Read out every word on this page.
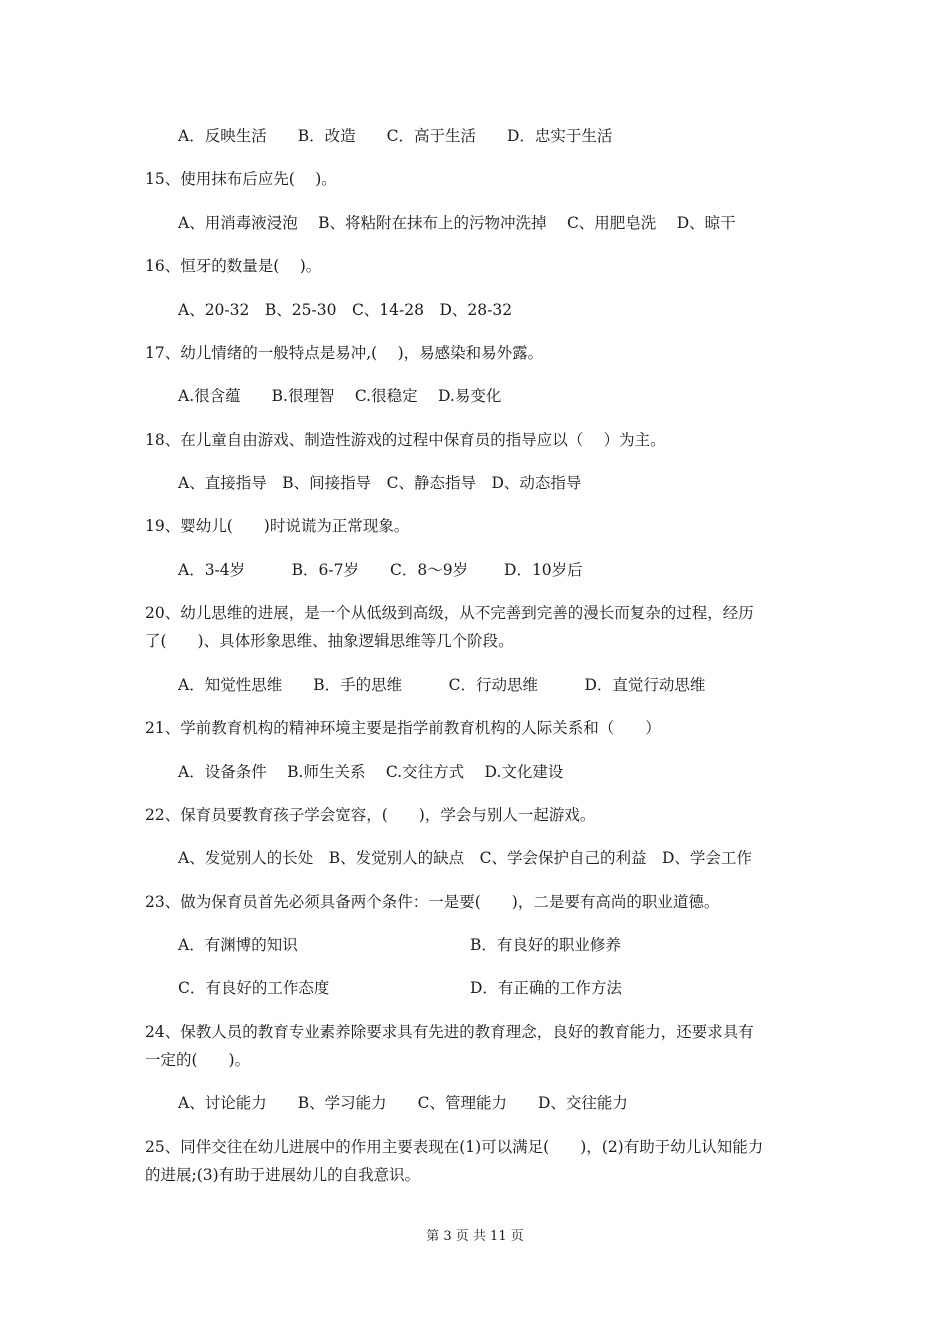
A．反映生活　　B．改造　　C．高于生活　　D．忠实于生活
15、使用抹布后应先(　 )。
A、用消毒液浸泡　 B、将粘附在抹布上的污物冲洗掉　 C、用肥皂洗　 D、晾干
16、恒牙的数量是(　 )。
A、20-32　B、25-30　C、14-28　D、28-32
17、幼儿情绪的一般特点是易冲,(　 )，易感染和易外露。
A.很含蕴　　B.很理智　 C.很稳定　 D.易变化
18、在儿童自由游戏、制造性游戏的过程中保育员的指导应以（　 ）为主。
A、直接指导　B、间接指导　C、静态指导　D、动态指导
19、婴幼儿(　　)时说谎为正常现象。
A．3-4岁　　　B．6-7岁　　C．8～9岁　　 D．10岁后
20、幼儿思维的进展，是一个从低级到高级，从不完善到完善的漫长而复杂的过程，经历
了(　　)、具体形象思维、抽象逻辑思维等几个阶段。
A．知觉性思维　　B．手的思维　　　C．行动思维　　　D．直觉行动思维
21、学前教育机构的精神环境主要是指学前教育机构的人际关系和（　　）
A．设备条件　 B.师生关系　 C.交往方式　 D.文化建设
22、保育员要教育孩子学会宽容，(　　)，学会与别人一起游戏。
A、发觉别人的长处　B、发觉别人的缺点　C、学会保护自己的利益　D、学会工作
23、做为保育员首先必须具备两个条件：一是要(　　)，二是要有高尚的职业道德。
A．有渊博的知识	B．有良好的职业修养
C．有良好的工作态度	D．有正确的工作方法
24、保教人员的教育专业素养除要求具有先进的教育理念，良好的教育能力，还要求具有
一定的(　　)。
A、讨论能力　　B、学习能力　　C、管理能力　　D、交往能力
25、同伴交往在幼儿进展中的作用主要表现在(1)可以满足(　　)，(2)有助于幼儿认知能力
的进展;(3)有助于进展幼儿的自我意识。
第 3 页 共 11 页
